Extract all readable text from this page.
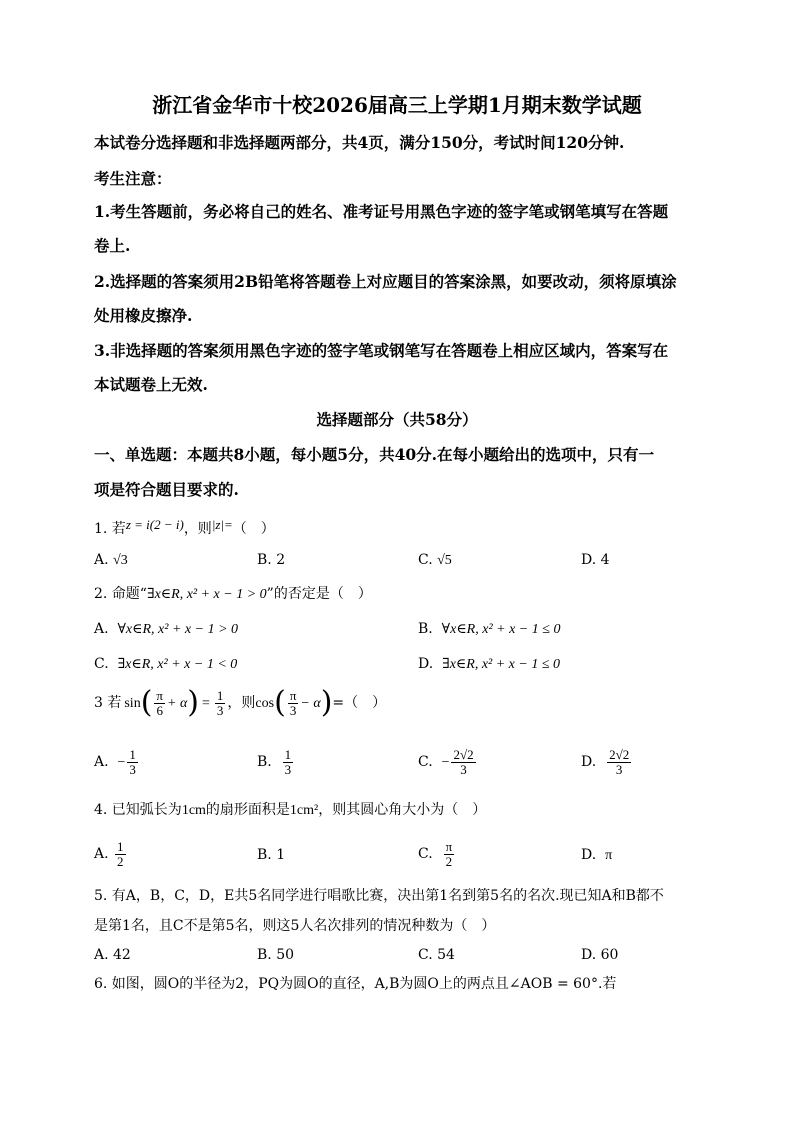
浙江省金华市十校2026届高三上学期1月期末数学试题
本试卷分选择题和非选择题两部分，共4页，满分150分，考试时间120分钟.
考生注意：
1.考生答题前，务必将自己的姓名、准考证号用黑色字迹的签字笔或钢笔填写在答题
卷上.
2.选择题的答案须用2B铅笔将答题卷上对应题目的答案涂黑，如要改动，须将原填涂
处用橡皮擦净.
3.非选择题的答案须用黑色字迹的签字笔或钢笔写在答题卷上相应区域内，答案写在
本试题卷上无效.
选择题部分（共58分）
一、单选题：本题共8小题，每小题5分，共40分.在每小题给出的选项中，只有一
项是符合题目要求的.
1. 若z = i(2 − i)，则|z|=（　）
A. √3	B. 2	C. √5	D. 4
2. 命题“∃x∈R, x² + x − 1 > 0”的否定是（　）
A. ∀x∈R, x² + x − 1 > 0	B. ∀x∈R, x² + x − 1 ≤ 0
C. ∃x∈R, x² + x − 1 < 0	D. ∃x∈R, x² + x − 1 ≤ 0
3 若 $\sin( \frac{\pi}{6} + \alpha) = \frac{1}{3}$ ，则$\cos( \frac{\pi}{3} - \alpha)=$（　）
A. − $\frac{1}{3}$	B. $\frac{1}{3}$	C. − $\frac{2√2}{3}$	D. $\frac{2√2}{3}$
4. 已知弧长为1cm的扇形面积是1cm²，则其圆心角大小为（　）
A. $\frac{1}{2}$	B. 1	C. $\frac{\pi}{2}$	D. π
5. 有A，B，C，D，E共5名同学进行唱歌比赛，决出第1名到第5名的名次.现已知A和B都不
是第1名，且C不是第5名，则这5人名次排列的情况种数为（　）
A. 42	B. 50	C. 54	D. 60
6. 如图，圆O的半径为2，PQ为圆O的直径，A,B为圆O上的两点且∠AOB = 60°.若
